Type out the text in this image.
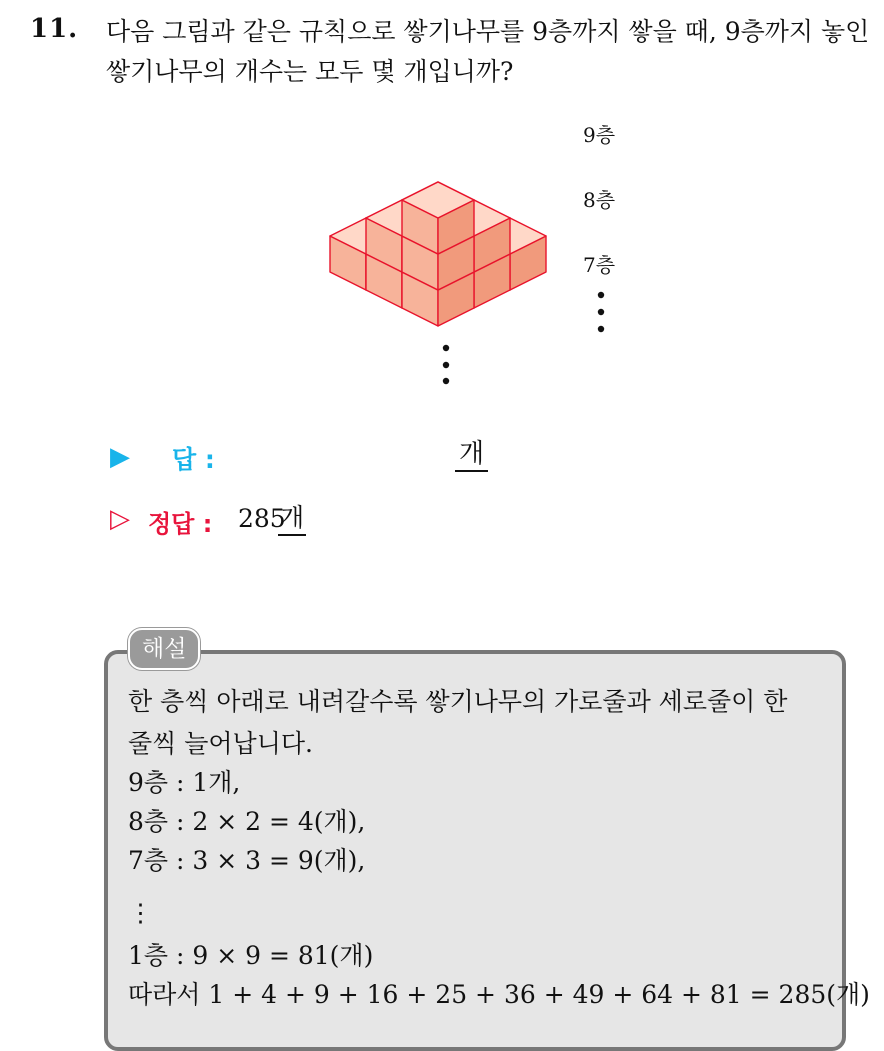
11. 다음 그림과 같은 규칙으로 쌓기나무를 9층까지 쌓을 때, 9층까지 놓인 쌓기나무의 개수는 모두 몇 개입니까?
9층
8층
7층
▶ 답 :	개
▷ 정답 : 285
개
해설
한 층씩 아래로 내려갈수록 쌓기나무의 가로줄과 세로줄이 한
줄씩 늘어납니다.
9층 : 1개,
8층 : 2 × 2 = 4(개),
7층 : 3 × 3 = 9(개),
⋮
1층 : 9 × 9 = 81(개)
따라서 1 + 4 + 9 + 16 + 25 + 36 + 49 + 64 + 81 = 285(개)
